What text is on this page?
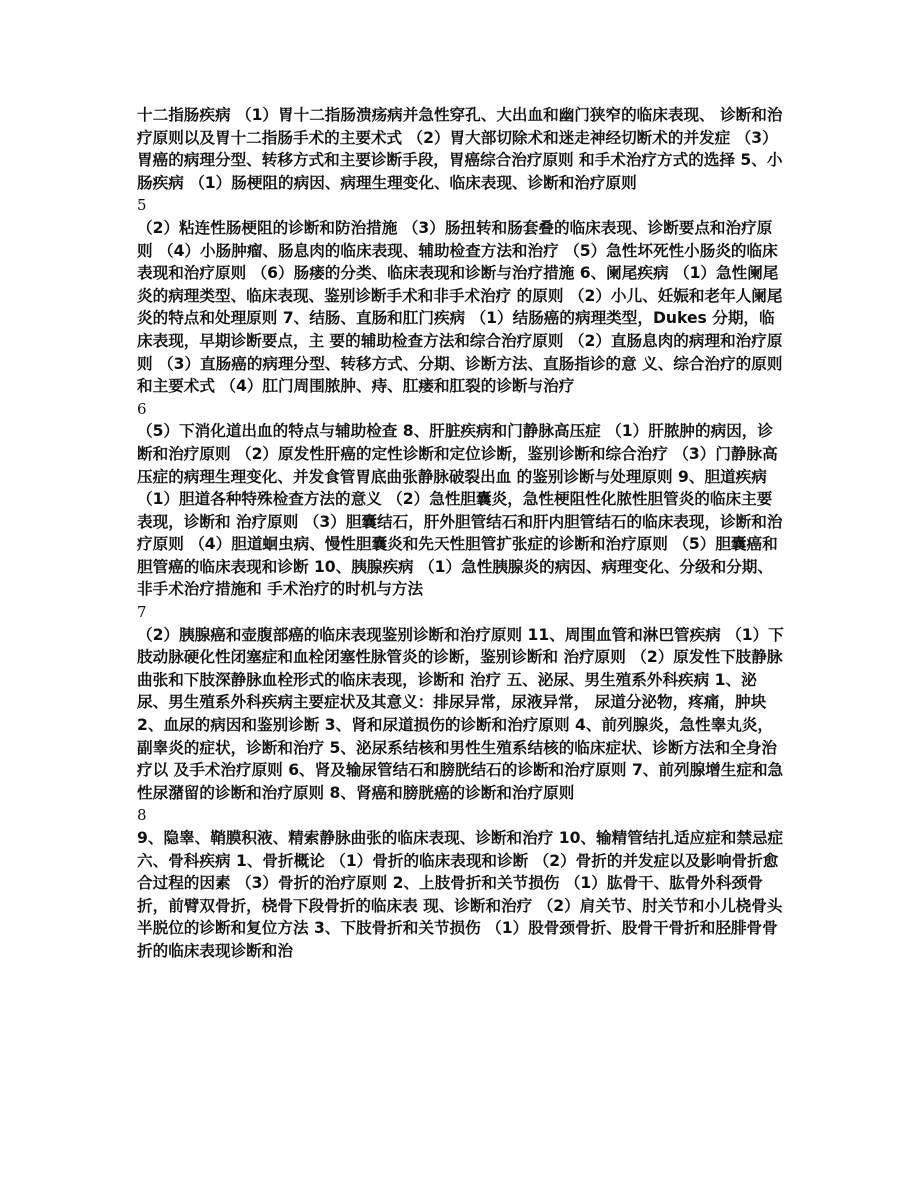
十二指肠疾病 （1）胃十二指肠溃疡病并急性穿孔、大出血和幽门狭窄的临床表现、 诊断和治疗原则以及胃十二指肠手术的主要术式 （2）胃大部切除术和迷走神经切断术的并发症 （3）胃癌的病理分型、转移方式和主要诊断手段，胃癌综合治疗原则 和手术治疗方式的选择 5、小肠疾病 （1）肠梗阻的病因、病理生理变化、临床表现、诊断和治疗原则

5

（2）粘连性肠梗阻的诊断和防治措施 （3）肠扭转和肠套叠的临床表现、诊断要点和治疗原则 （4）小肠肿瘤、肠息肉的临床表现、辅助检查方法和治疗 （5）急性坏死性小肠炎的临床表现和治疗原则 （6）肠瘘的分类、临床表现和诊断与治疗措施 6、阑尾疾病 （1）急性阑尾炎的病理类型、临床表现、鉴别诊断手术和非手术治疗 的原则 （2）小儿、妊娠和老年人阑尾炎的特点和处理原则 7、结肠、直肠和肛门疾病 （1）结肠癌的病理类型，Dukes 分期，临床表现，早期诊断要点，主 要的辅助检查方法和综合治疗原则 （2）直肠息肉的病理和治疗原则 （3）直肠癌的病理分型、转移方式、分期、诊断方法、直肠指诊的意 义、综合治疗的原则和主要术式 （4）肛门周围脓肿、痔、肛瘘和肛裂的诊断与治疗

6

（5）下消化道出血的特点与辅助检查 8、肝脏疾病和门静脉高压症 （1）肝脓肿的病因，诊断和治疗原则 （2）原发性肝癌的定性诊断和定位诊断，鉴别诊断和综合治疗 （3）门静脉高压症的病理生理变化、并发食管胃底曲张静脉破裂出血 的鉴别诊断与处理原则 9、胆道疾病 （1）胆道各种特殊检查方法的意义 （2）急性胆囊炎，急性梗阻性化脓性胆管炎的临床主要表现，诊断和 治疗原则 （3）胆囊结石，肝外胆管结石和肝内胆管结石的临床表现，诊断和治 疗原则 （4）胆道蛔虫病、慢性胆囊炎和先天性胆管扩张症的诊断和治疗原则 （5）胆囊癌和胆管癌的临床表现和诊断 10、胰腺疾病 （1）急性胰腺炎的病因、病理变化、分级和分期、非手术治疗措施和 手术治疗的时机与方法

7

（2）胰腺癌和壶腹部癌的临床表现鉴别诊断和治疗原则 11、周围血管和淋巴管疾病 （1）下肢动脉硬化性闭塞症和血栓闭塞性脉管炎的诊断，鉴别诊断和 治疗原则 （2）原发性下肢静脉曲张和下肢深静脉血栓形式的临床表现，诊断和 治疗 五、泌尿、男生殖系外科疾病 1、泌尿、男生殖系外科疾病主要症状及其意义：排尿异常，尿液异常， 尿道分泌物，疼痛，肿块 2、血尿的病因和鉴别诊断 3、肾和尿道损伤的诊断和治疗原则 4、前列腺炎，急性睾丸炎，副睾炎的症状，诊断和治疗 5、泌尿系结核和男性生殖系结核的临床症状、诊断方法和全身治疗以 及手术治疗原则 6、肾及输尿管结石和膀胱结石的诊断和治疗原则 7、前列腺增生症和急性尿潴留的诊断和治疗原则 8、肾癌和膀胱癌的诊断和治疗原则

8

9、隐睾、鞘膜积液、精索静脉曲张的临床表现、诊断和治疗 10、输精管结扎适应症和禁忌症 六、骨科疾病 1、骨折概论 （1）骨折的临床表现和诊断 （2）骨折的并发症以及影响骨折愈合过程的因素 （3）骨折的治疗原则 2、上肢骨折和关节损伤 （1）肱骨干、肱骨外科颈骨折，前臂双骨折，桡骨下段骨折的临床表 现、诊断和治疗 （2）肩关节、肘关节和小儿桡骨头半脱位的诊断和复位方法 3、下肢骨折和关节损伤 （1）股骨颈骨折、股骨干骨折和胫腓骨骨折的临床表现诊断和治
